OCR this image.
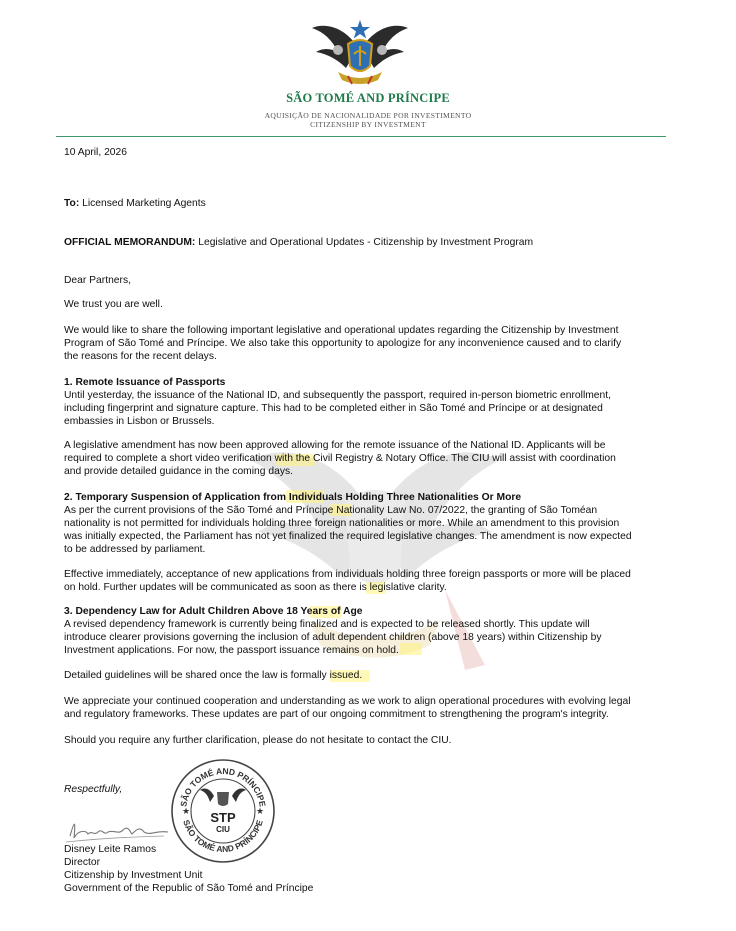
SÃO TOMÉ AND PRÍNCIPE
AQUISIÇÃO DE NACIONALIDADE POR INVESTIMENTO
CITIZENSHIP BY INVESTMENT

10 April, 2026

To: Licensed Marketing Agents

OFFICIAL MEMORANDUM: Legislative and Operational Updates - Citizenship by Investment Program

Dear Partners,

We trust you are well.

We would like to share the following important legislative and operational updates regarding the Citizenship by Investment
Program of São Tomé and Príncipe. We also take this opportunity to apologize for any inconvenience caused and to clarify
the reasons for the recent delays.

1. Remote Issuance of Passports

Until yesterday, the issuance of the National ID, and subsequently the passport, required in-person biometric enrollment,
including fingerprint and signature capture. This had to be completed either in São Tomé and Príncipe or at designated
embassies in Lisbon or Brussels.

A legislative amendment has now been approved allowing for the remote issuance of the National ID. Applicants will be
required to complete a short video verification with the Civil Registry & Notary Office. The CIU will assist with coordination
and provide detailed guidance in the coming days.

2. Temporary Suspension of Application from Individuals Holding Three Nationalities Or More

As per the current provisions of the São Tomé and Príncipe Nationality Law No. 07/2022, the granting of São Toméan
nationality is not permitted for individuals holding three foreign nationalities or more. While an amendment to this provision
was initially expected, the Parliament has not yet finalized the required legislative changes. The amendment is now expected
to be addressed by parliament.

Effective immediately, acceptance of new applications from individuals holding three foreign passports or more will be placed
on hold. Further updates will be communicated as soon as there is legislative clarity.

3. Dependency Law for Adult Children Above 18 Years of Age

A revised dependency framework is currently being finalized and is expected to be released shortly. This update will
introduce clearer provisions governing the inclusion of adult dependent children (above 18 years) within Citizenship by
Investment applications. For now, the passport issuance remains on hold.

Detailed guidelines will be shared once the law is formally issued.

We appreciate your continued cooperation and understanding as we work to align operational procedures with evolving legal
and regulatory frameworks. These updates are part of our ongoing commitment to strengthening the program's integrity.

Should you require any further clarification, please do not hesitate to contact the CIU.

Respectfully,

SÃO TOMÉ AND PRÍNCIPE
SÃO TOMÉ AND PRÍNCIPE
★	★
STP
CIU

Disney Leite Ramos
Director
Citizenship by Investment Unit
Government of the Republic of São Tomé and Príncipe
